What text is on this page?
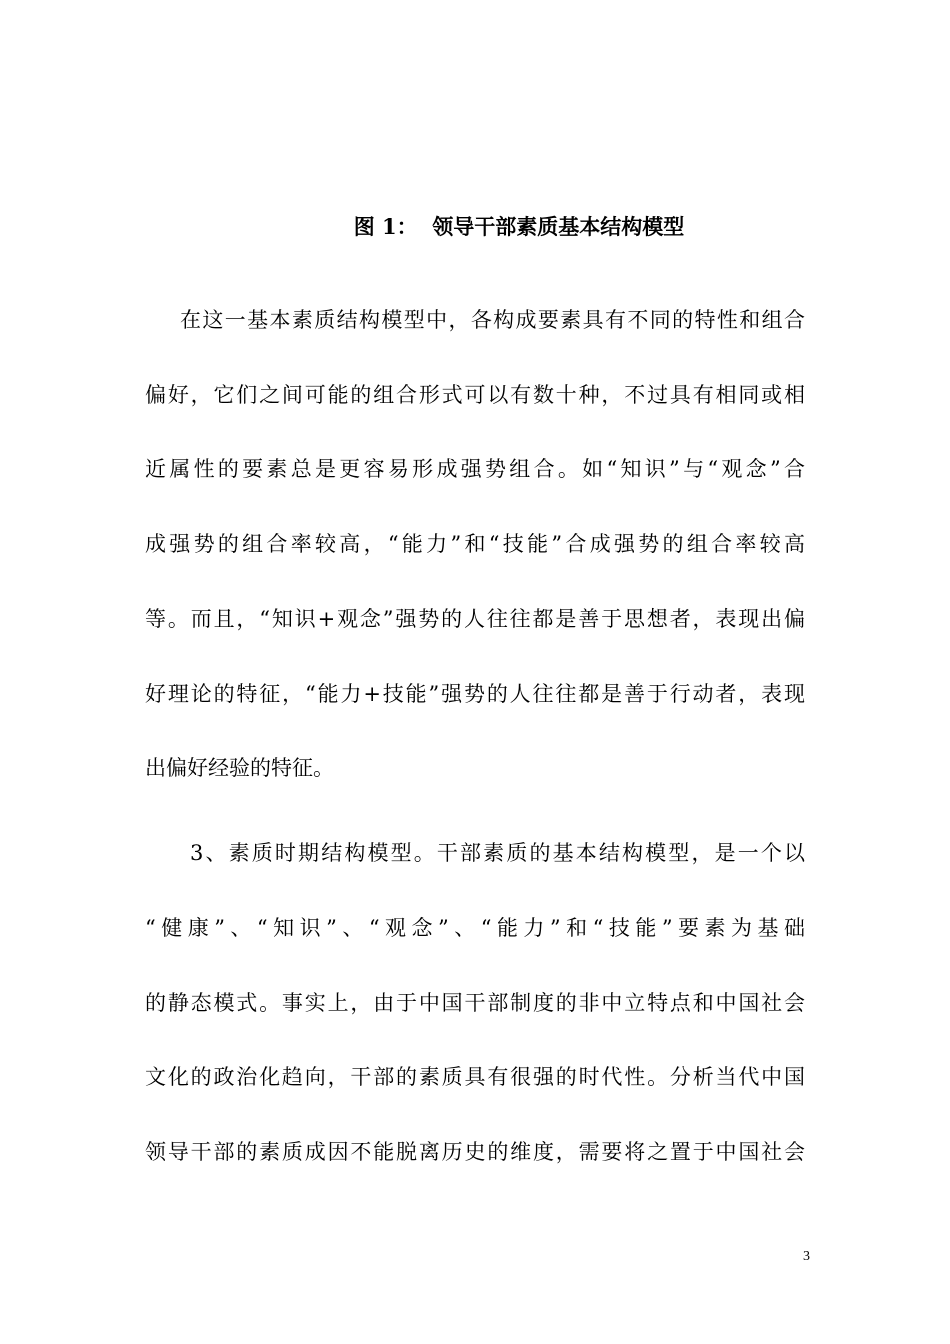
图 1：  领导干部素质基本结构模型
在这一基本素质结构模型中，各构成要素具有不同的特性和组合
偏好，它们之间可能的组合形式可以有数十种，不过具有相同或相
近属性的要素总是更容易形成强势组合。如“知识”与“观念”合
成强势的组合率较高，“能力”和“技能”合成强势的组合率较高
等。而且，“知识+观念”强势的人往往都是善于思想者，表现出偏
好理论的特征，“能力+技能”强势的人往往都是善于行动者，表现
出偏好经验的特征。
3、素质时期结构模型。干部素质的基本结构模型，是一个以
“健康”、“知识”、“观念”、“能力”和“技能”要素为基础
的静态模式。事实上，由于中国干部制度的非中立特点和中国社会
文化的政治化趋向，干部的素质具有很强的时代性。分析当代中国
领导干部的素质成因不能脱离历史的维度，需要将之置于中国社会
3
